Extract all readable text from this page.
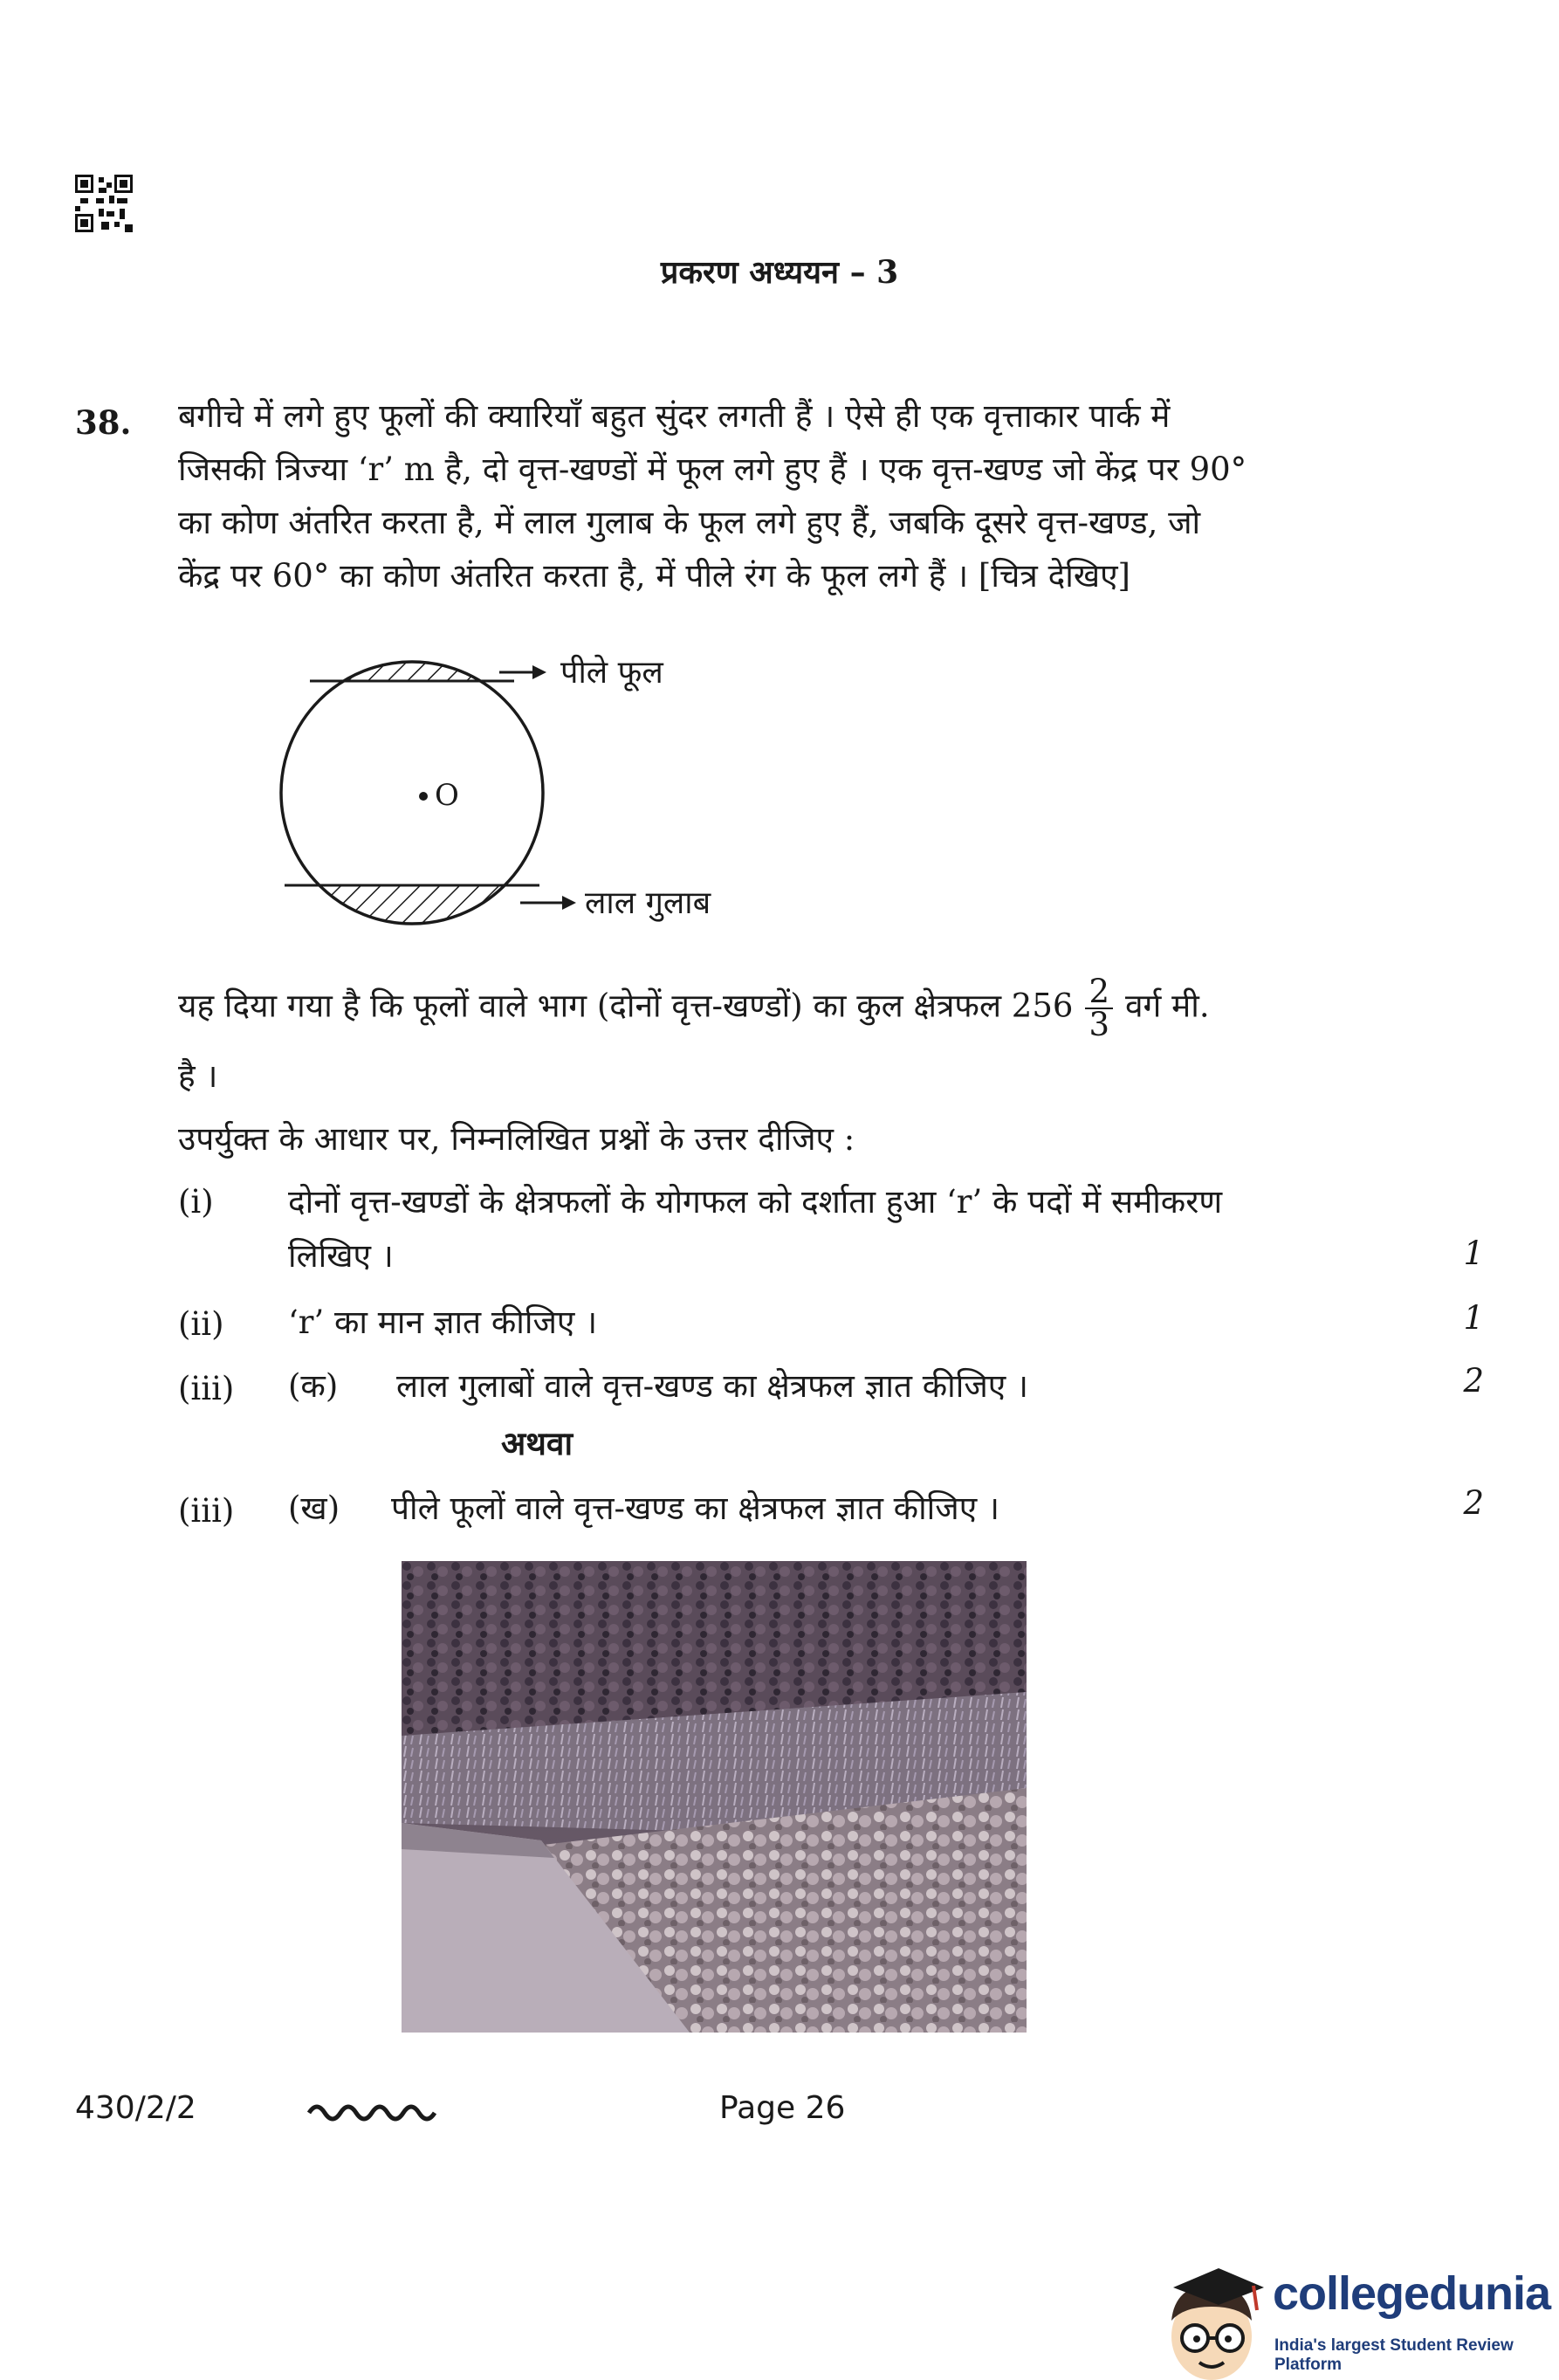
प्रकरण अध्ययन – 3
38. बगीचे में लगे हुए फूलों की क्यारियाँ बहुत सुंदर लगती हैं । ऐसे ही एक वृत्ताकार पार्क में
जिसकी त्रिज्या ‘r’ m है, दो वृत्त-खण्डों में फूल लगे हुए हैं । एक वृत्त-खण्ड जो केंद्र पर 90°
का कोण अंतरित करता है, में लाल गुलाब के फूल लगे हुए हैं, जबकि दूसरे वृत्त-खण्ड, जो
केंद्र पर 60° का कोण अंतरित करता है, में पीले रंग के फूल लगे हैं । [चित्र देखिए]
O
पीले फूल
लाल गुलाब
यह दिया गया है कि फूलों वाले भाग (दोनों वृत्त-खण्डों) का कुल क्षेत्रफल $256 \frac{2}{3}$ वर्ग मी.
है ।
उपर्युक्त के आधार पर, निम्नलिखित प्रश्नों के उत्तर दीजिए :
(i) दोनों वृत्त-खण्डों के क्षेत्रफलों के योगफल को दर्शाता हुआ ‘r’ के पदों में समीकरण
लिखिए ।	1
(ii) ‘r’ का मान ज्ञात कीजिए ।	1
(iii) (क) लाल गुलाबों वाले वृत्त-खण्ड का क्षेत्रफल ज्ञात कीजिए ।	2
अथवा
(iii) (ख) पीले फूलों वाले वृत्त-खण्ड का क्षेत्रफल ज्ञात कीजिए ।	2
430/2/2	Page 26
collegedunia
India's largest Student Review Platform
